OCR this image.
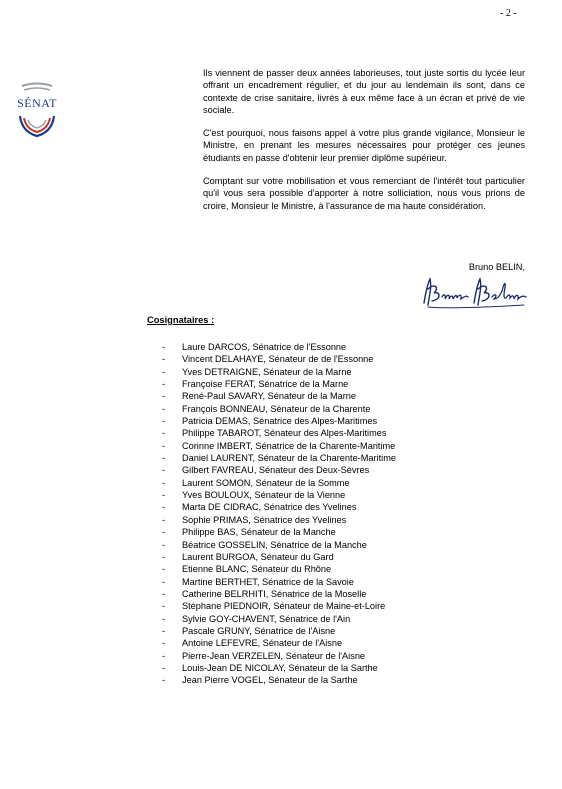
- 2 -
SÉNAT

Ils viennent de passer deux années laborieuses, tout juste sortis du lycée leur offrant un encadrement régulier, et du jour au lendemain ils sont, dans ce contexte de crise sanitaire, livrés à eux même face à un écran et privé de vie sociale.

C'est pourquoi, nous faisons appel à votre plus grande vigilance, Monsieur le Ministre, en prenant les mesures nécessaires pour protéger ces jeunes étudiants en passe d'obtenir leur premier diplôme supérieur.

Comptant sur votre mobilisation et vous remerciant de l'intérêt tout particulier qu'il vous sera possible d'apporter à notre solliciation, nous vous prions de croire, Monsieur le Ministre, à l'assurance de ma haute considération.

Bruno BELIN,
Cosignataires :
- Laure DARCOS, Sénatrice de l'Essonne
- Vincent DELAHAYE, Sénateur de de l'Essonne
- Yves DETRAIGNE, Sénateur de la Marne
- Françoise FERAT, Sénatrice de la Marne
- René-Paul SAVARY, Sénateur de la Marne
- François BONNEAU, Sénateur de la Charente
- Patricia DEMAS, Sénatrice des Alpes-Maritimes
- Philippe TABAROT, Sénateur des Alpes-Maritimes
- Corinne IMBERT, Sénatrice de la Charente-Maritime
- Daniel LAURENT, Sénateur de la Charente-Maritime
- Gilbert FAVREAU, Sénateur des Deux-Sèvres
- Laurent SOMON, Sénateur de la Somme
- Yves BOULOUX, Sénateur de la Vienne
- Marta DE CIDRAC, Sénatrice des Yvelines
- Sophie PRIMAS, Sénatrice des Yvelines
- Philippe BAS, Sénateur de la Manche
- Béatrice GOSSELIN, Sénatrice de la Manche
- Laurent BURGOA, Sénateur du Gard
- Etienne BLANC, Sénateur du Rhône
- Martine BERTHET, Sénatrice de la Savoie
- Catherine BELRHITI, Sénatrice de la Moselle
- Stéphane PIEDNOIR, Sénateur de Maine-et-Loire
- Sylvie GOY-CHAVENT, Sénatrice de l'Ain
- Pascale GRUNY, Sénatrice de l'Aisne
- Antoine LEFEVRE, Sénateur de l'Aisne
- Pierre-Jean VERZELEN, Sénateur de l'Aisne
- Louis-Jean DE NICOLAY, Sénateur de la Sarthe
- Jean Pierre VOGEL, Sénateur de la Sarthe
